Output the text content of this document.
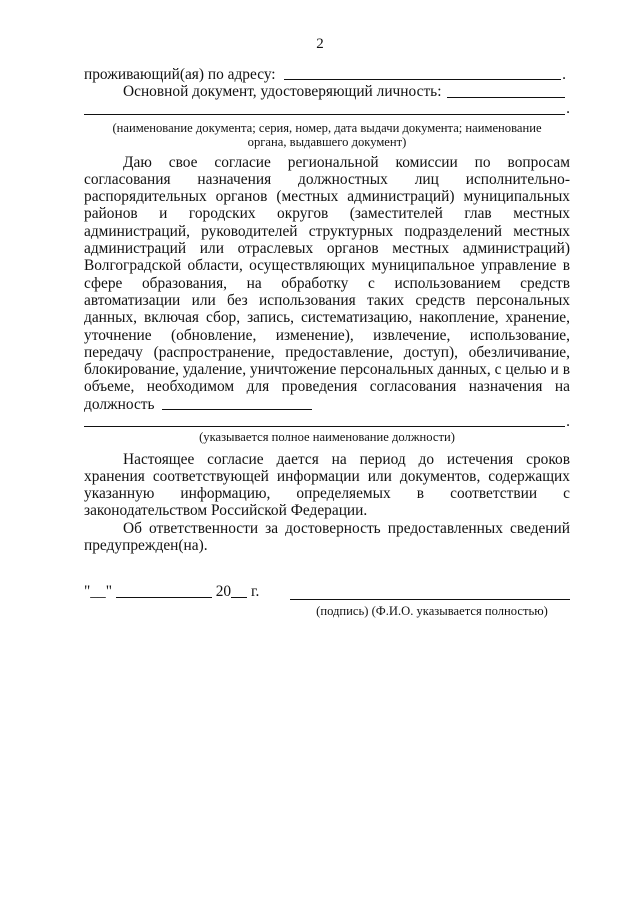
2
проживающий(ая) по адресу:	.
Основной документ, удостоверяющий личность:
.
(наименование документа; серия, номер, дата выдачи документа; наименование
органа, выдавшего документ)

Даю свое согласие региональной комиссии по вопросам согласования назначения должностных лиц исполнительно-распорядительных органов (местных администраций) муниципальных районов и городских округов (заместителей глав местных администраций, руководителей структурных подразделений местных администраций или отраслевых органов местных администраций) Волгоградской области, осуществляющих муниципальное управление в сфере образования, на обработку с использованием средств автоматизации или без использования таких средств персональных данных, включая сбор, запись, систематизацию, накопление, хранение, уточнение (обновление, изменение), извлечение, использование, передачу (распространение, предоставление, доступ), обезличивание, блокирование, удаление, уничтожение персональных данных, с целью и в объеме, необходимом для проведения согласования назначения на должность

.
(указывается полное наименование должности)

Настоящее согласие дается на период до истечения сроков хранения соответствующей информации или документов, содержащих указанную информацию, определяемых в соответствии с законодательством Российской Федерации.

Об ответственности за достоверность предоставленных сведений предупрежден(на).

"__"	20 г.
(подпись) (Ф.И.О. указывается полностью)
